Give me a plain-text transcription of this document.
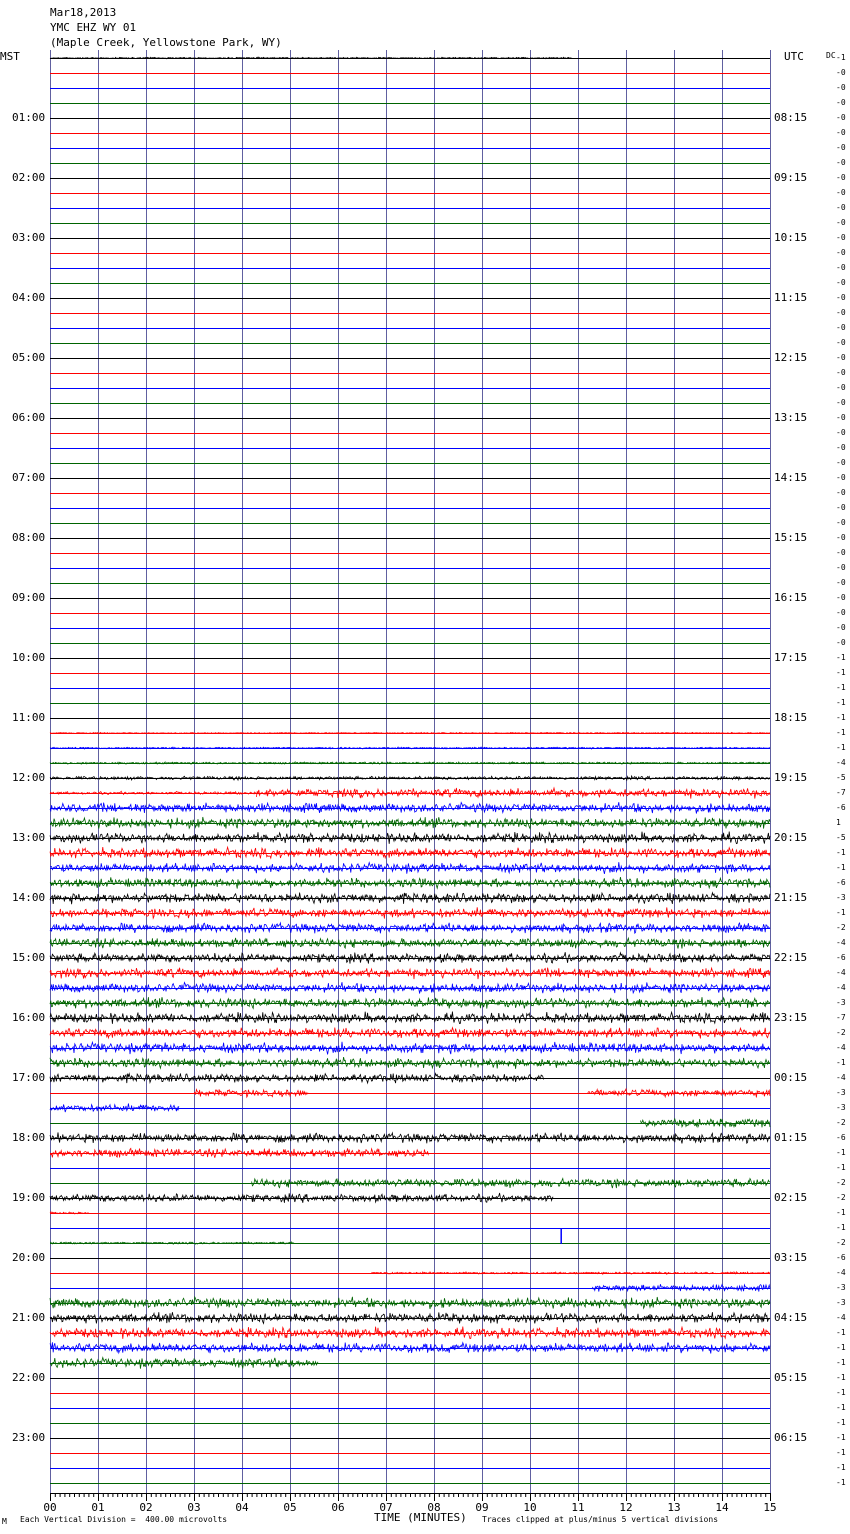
00	01	02	03	04	05	06	07	08	09	10	11	12	13	14	15
Mar18,2013
YMC EHZ WY 01
(Maple Creek, Yellowstone Park, WY)
MST	UTC	DC
01:00
02:00
03:00
04:00
05:00
06:00
07:00
08:00
09:00
10:00
11:00
12:00
13:00
14:00
15:00
16:00
17:00
18:00
19:00
20:00
21:00
22:00
23:00
08:15
09:15
10:15
11:15
12:15
13:15
14:15
15:15
16:15
17:15
18:15
19:15
20:15
21:15
22:15
23:15
00:15
01:15
02:15
03:15
04:15
05:15
06:15
-1
-0
-0
-0
-0
-0
-0
-0
-0
-0
-0
-0
-0
-0
-0
-0
-0
-0
-0
-0
-0
-0
-0
-0
-0
-0
-0
-0
-0
-0
-0
-0
-0
-0
-0
-0
-0
-0
-0
-0
-1
-1
-1
-1
-1
-1
-1
-4
-5
-7
-6
1
-5
-1
-1
-6
-3
-1
-2
-4
-6
-4
-4
-3
-7
-2
-4
-1
-4
-3
-3
-2
-6
-1
-1
-2
-2
-1
-1
-2
-6
-4
-3
-3
-4
-1
-1
-1
-1
-1
-1
-1
-1
-1
-1
-1
M Each Vertical Division =  400.00 microvolts	TIME (MINUTES) Traces clipped at plus/minus 5 vertical divisions
